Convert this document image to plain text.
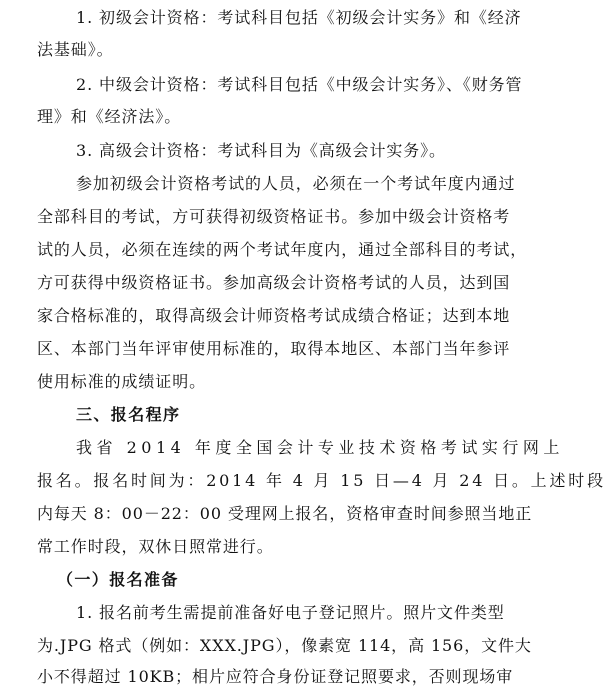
1. 初级会计资格：考试科目包括《初级会计实务》和《经济
法基础》。
2. 中级会计资格：考试科目包括《中级会计实务》、《财务管
理》和《经济法》。
3. 高级会计资格：考试科目为《高级会计实务》。
参加初级会计资格考试的人员，必须在一个考试年度内通过
全部科目的考试，方可获得初级资格证书。参加中级会计资格考
试的人员，必须在连续的两个考试年度内，通过全部科目的考试，
方可获得中级资格证书。参加高级会计资格考试的人员，达到国
家合格标准的，取得高级会计师资格考试成绩合格证；达到本地
区、本部门当年评审使用标准的，取得本地区、本部门当年参评
使用标准的成绩证明。
三、报名程序
我省 2014 年度全国会计专业技术资格考试实行网上
报名。报名时间为：2014 年 4 月 15 日—4 月 24 日。上述时段
内每天 8：00－22：00 受理网上报名，资格审查时间参照当地正
常工作时段，双休日照常进行。
（一）报名准备
1. 报名前考生需提前准备好电子登记照片。照片文件类型
为.JPG 格式（例如：XXX.JPG），像素宽 114，高 156，文件大
小不得超过 10KB；相片应符合身份证登记照要求，否则现场审
